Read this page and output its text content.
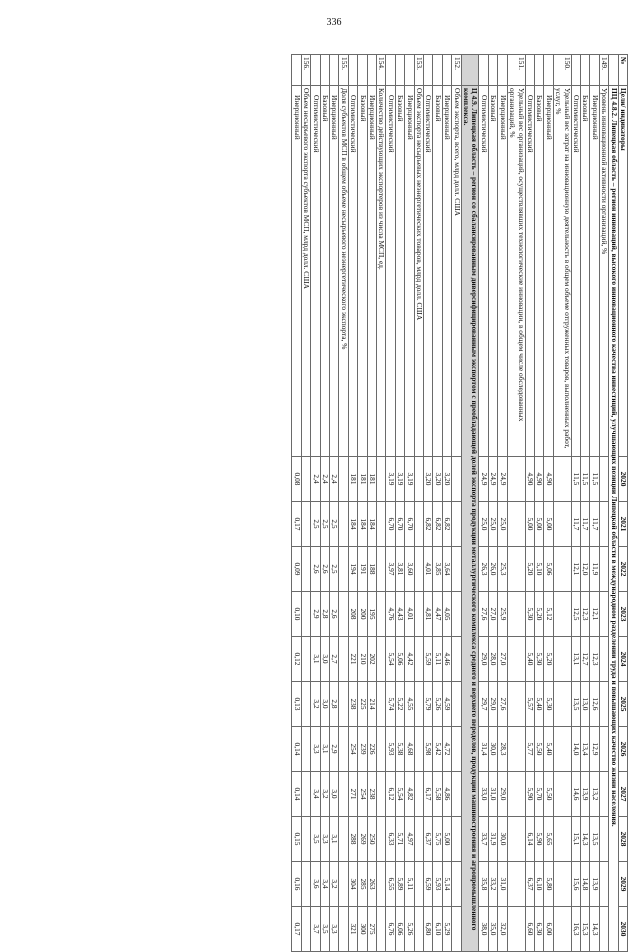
336
№	Цели/ индикаторы	2020	2021	2022	2023	2024	2025	2026	2027	2028	2029	2030
	ПЦ 4.8.2. Липецкая область – регион инноваций, высокого инновационного качества инвестиций, улучшающих позиции Липецкой области в международном разделении труда и повышающих качество жизни населения.											
149.	Уровень инновационной активности организаций, %											
	Инерционный	11,5	11,7	11,9	12,1	12,3	12,6	12,9	13,2	13,5	13,9	14,3
	Базовый	11,5	11,7	12,0	12,3	12,7	13,0	13,4	13,9	14,3	14,8	15,3
	Оптимистический	11,5	11,7	12,1	12,5	13,1	13,5	14,0	14,6	15,1	15,6	16,3
150.	Удельный вес затрат на инновационную деятельность в общем объеме отгруженных товаров, выполненных работ, услуг, %											
	Инерционный	4,90	5,00	5,06	5,12	5,20	5,30	5,40	5,50	5,65	5,80	6,00
	Базовый	4,90	5,00	5,10	5,20	5,30	5,40	5,50	5,70	5,90	6,10	6,30
	Оптимистический	4,90	5,00	5,20	5,30	5,40	5,57	5,77	5,90	6,14	6,37	6,60
151.	Удельный вес организаций, осуществлявших технологические инновации, в общем числе обследованных организаций, %											
	Инерционный	24,9	25,0	25,3	25,9	27,0	27,6	28,3	29,0	30,0	31,0	32,0
	Базовый	24,9	25,0	26,0	27,0	28,0	29,0	30,0	31,0	31,9	33,2	35,0
	Оптимистический	24,9	25,0	26,3	27,6	29,0	29,7	31,4	33,0	33,7	35,8	38,0
	Ц 4.9. Липецкая область – регион со сбалансированным диверсифицированным экспортом с преобладающей долей экспорта продукции металлургического комплекса среднего и верхнего переделов, продукции машиностроения и агропромышленного комплекса.											
152.	Объем экспорта, всего, млрд долл. США											
	Инерционный	3,20	6,82	3,64	4,05	4,46	4,59	4,72	4,86	5,00	5,14	5,29
	Базовый	3,20	6,82	3,85	4,47	5,11	5,26	5,42	5,58	5,75	5,93	6,10
	Оптимистический	3,20	6,82	4,01	4,81	5,59	5,79	5,98	6,17	6,37	6,59	6,80
153.	Объем экспорта несырьевых неэнергетических товаров, млрд долл. США											
	Инерционный	3,19	6,70	3,60	4,01	4,42	4,55	4,68	4,82	4,97	5,11	5,26
	Базовый	3,19	6,70	3,81	4,43	5,06	5,22	5,38	5,54	5,71	5,89	6,06
	Оптимистический	3,19	6,70	3,97	4,76	5,54	5,74	5,93	6,12	6,33	6,55	6,76
154.	Количество действующих экспортеров из числа МСП, ед.											
	Инерционный	181	184	188	195	202	214	226	238	250	263	275
	Базовый	181	184	191	200	210	225	239	254	269	285	300
	Оптимистический	181	184	194	208	221	238	254	271	288	304	321
155.	Доля субъектов МСП в общем объеме несырьевого неэнергетического экспорта, %											
	Инерционный	2,4	2,5	2,5	2,6	2,7	2,8	2,9	3,0	3,1	3,2	3,3
	Базовый	2,4	2,5	2,6	2,8	3,0	3,0	3,1	3,2	3,3	3,4	3,5
	Оптимистический	2,4	2,5	2,6	2,9	3,1	3,2	3,3	3,4	3,5	3,6	3,7
156.	Объем несырьевого экспорта субъектов МСП, млрд долл. США											
	Инерционный	0,08	0,17	0,09	0,10	0,12	0,13	0,14	0,14	0,15	0,16	0,17
